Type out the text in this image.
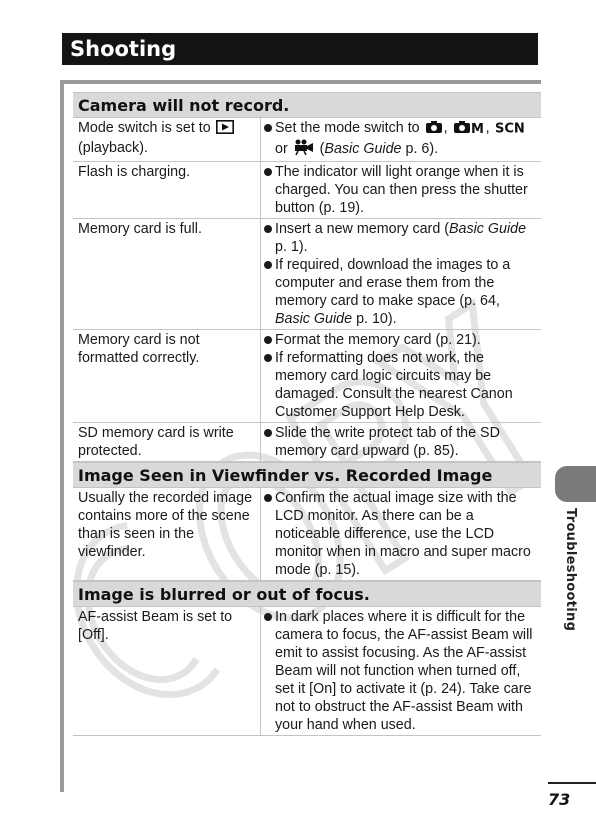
Shooting
Camera will not record.
Mode switch is set to  (playback).
Set the mode switch to , M , SCN
or  (Basic Guide p. 6).
Flash is charging.	The indicator will light orange when it is charged. You can then press the shutter button (p. 19).
Memory card is full.	Insert a new memory card (Basic Guide p. 1).
If required, download the images to a computer and erase them from the memory card to make space (p. 64, Basic Guide p. 10).
Memory card is not formatted correctly.
Format the memory card (p. 21).
If reformatting does not work, the memory card logic circuits may be damaged. Consult the nearest Canon Customer Support Help Desk.
SD memory card is write protected.
Slide the write protect tab of the SD memory card upward (p. 85).
Image Seen in Viewfinder vs. Recorded Image
Usually the recorded image contains more of the scene than is seen in the viewfinder.
Confirm the actual image size with the LCD monitor. As there can be a noticeable difference, use the LCD monitor when in macro and super macro mode (p. 15).
Image is blurred or out of focus.
AF-assist Beam is set to [Off].
In dark places where it is difficult for the camera to focus, the AF-assist Beam will emit to assist focusing. As the AF-assist Beam will not function when turned off, set it [On] to activate it (p. 24). Take care not to obstruct the AF-assist Beam with your hand when used.
Troubleshooting
73
